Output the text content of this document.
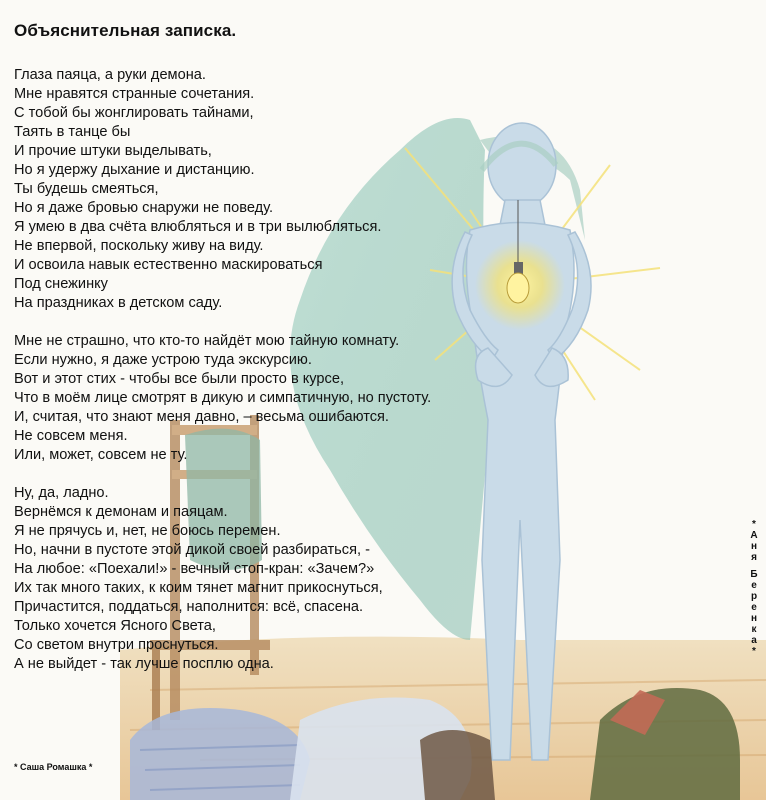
Объяснительная записка.
Глаза паяца, а руки демона.
Мне нравятся странные сочетания.
С тобой бы жонглировать тайнами,
Таять в танце бы
И прочие штуки выделывать,
Но я удержу дыхание и дистанцию.
Ты будешь смеяться,
Но я даже бровью снаружи не поведу.
Я умею в два счёта влюбляться и в три вылюбляться.
Не впервой, поскольку живу на виду.
И освоила навык естественно маскироваться
Под снежинку
На праздниках в детском саду.
Мне не страшно, что кто-то найдёт мою тайную комнату.
Если нужно, я даже устрою туда экскурсию.
Вот и этот стих - чтобы все были просто в курсе,
Что в моём лице смотрят в дикую и симпатичную, но пустоту.
И, считая, что знают меня давно, – весьма ошибаются.
Не совсем меня.
Или, может, совсем не ту.
Ну, да, ладно.
Вернёмся к демонам и паяцам.
Я не прячусь и, нет, не боюсь перемен.
Но, начни в пустоте этой дикой своей разбираться, -
На любое: «Поехали!» - вечный стоп-кран: «Зачем?»
Их так много таких, к коим тянет магнит прикоснуться,
Причастится, поддаться, наполнится: всё, спасена.
Только хочется Ясного Света,
Со светом внутри проснуться.
А не выйдет - так лучше посплю одна.
* Саша Ромашка *
*
А
н
я
Б
е
р
е
н
к
а
*
